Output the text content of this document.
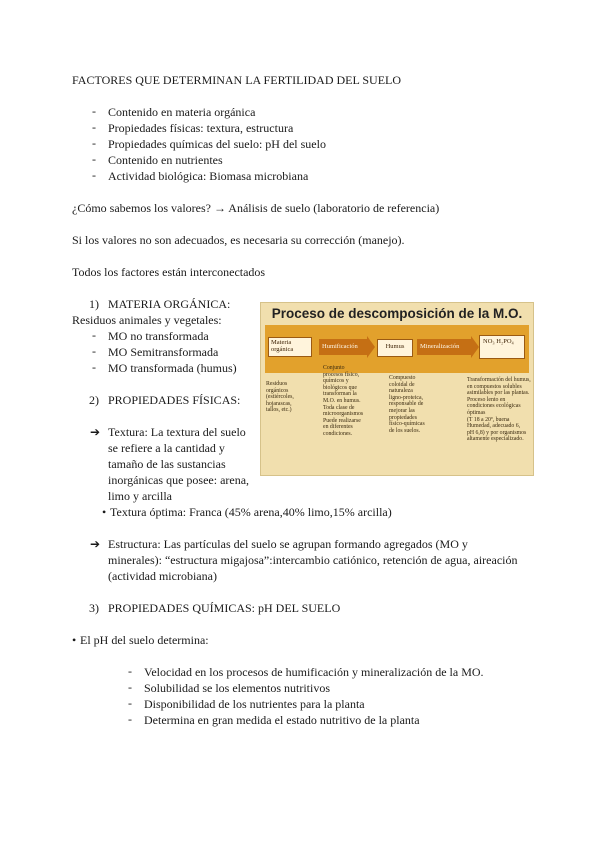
FACTORES QUE DETERMINAN LA FERTILIDAD DEL SUELO
- Contenido en materia orgánica
- Propiedades físicas: textura, estructura
- Propiedades químicas del suelo: pH del suelo
- Contenido en nutrientes
- Actividad biológica: Biomasa microbiana
¿Cómo sabemos los valores? → Análisis de suelo (laboratorio de referencia)
Si los valores no son adecuados, es necesaria su corrección (manejo).
Todos los factores están interconectados
1) MATERIA ORGÁNICA:
Residuos animales y vegetales:
- MO no transformada
- MO Semitransformada
- MO transformada (humus)
2) PROPIEDADES FÍSICAS:
➔ Textura: La textura del suelo
se refiere a la cantidad y
tamaño de las sustancias
inorgánicas que posee: arena,
limo y arcilla
• Textura óptima: Franca (45% arena,40% limo,15% arcilla)
➔ Estructura: Las partículas del suelo se agrupan formando agregados (MO y
minerales): “estructura migajosa”:intercambio catiónico, retención de agua, aireación
(actividad microbiana)
3) PROPIEDADES QUÍMICAS: pH DEL SUELO
• El pH del suelo determina:
- Velocidad en los procesos de humificación y mineralización de la MO.
- Solubilidad se los elementos nutritivos
- Disponibilidad de los nutrientes para la planta
- Determina en gran medida el estado nutritivo de la planta
Proceso de descomposición de la M.O.
Materia orgánica	Humificación	Humus	Mineralización
NO₃ H₂PO₄
Residuos
orgánicos
(estiércoles,
hojarascas,
tallos, etc.)
Conjunto
procesos físico,
químicos y
biológicos que
transforman la
M.O. en humus.
Toda clase de
microorganismos
Puede realizarse
en diferentes
condiciones.
Compuesto
coloidal de
naturaleza
ligno-proteica,
responsable de
mejorar las
propiedades
físico-químicas
de los suelos.
Transformación del humus,
en compuestos solubles
asimilables por las plantas.
Proceso lento en
condiciones ecológicas
óptimas
(T 18 a 20º, buena
Humedad, adecuado 6,
pH 6,8) y por organismos
altamente especializado.
